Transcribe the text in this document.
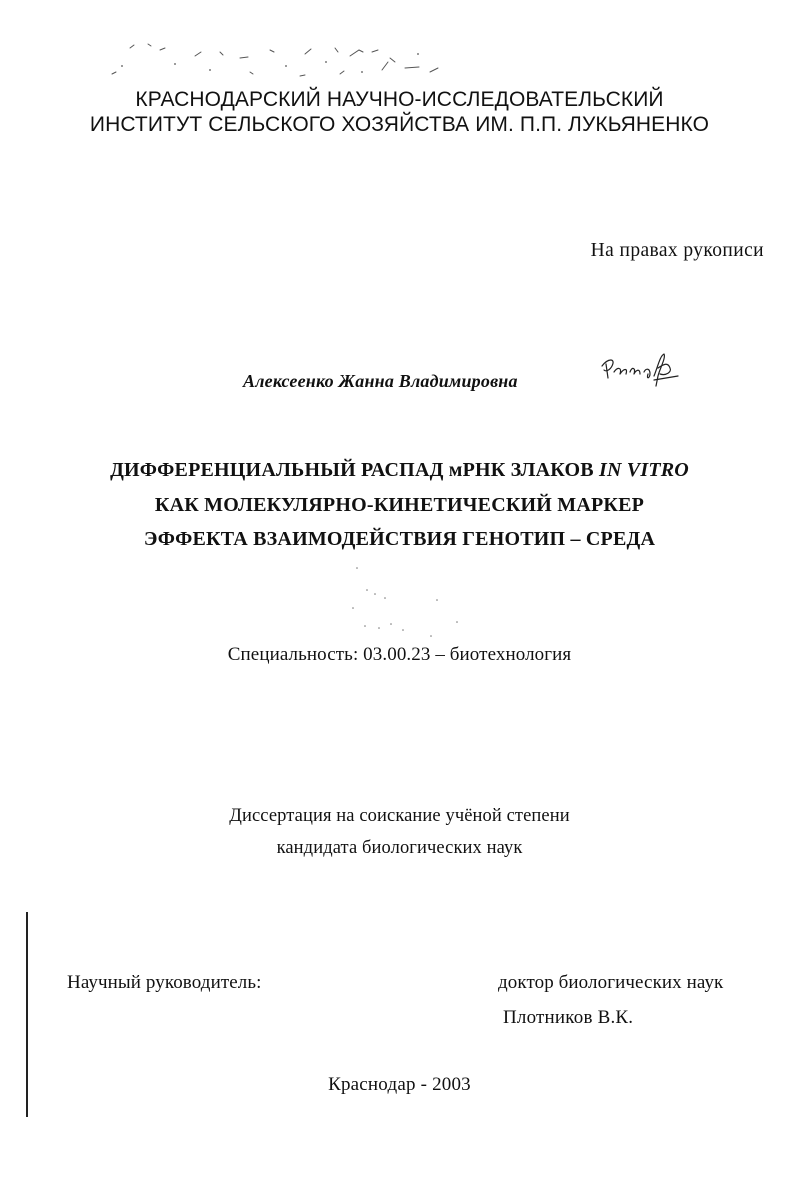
КРАСНОДАРСКИЙ НАУЧНО-ИССЛЕДОВАТЕЛЬСКИЙ
ИНСТИТУТ СЕЛЬСКОГО ХОЗЯЙСТВА ИМ. П.П. ЛУКЬЯНЕНКО
На правах рукописи
Алексеенко Жанна Владимировна
ДИФФЕРЕНЦИАЛЬНЫЙ РАСПАД мРНК ЗЛАКОВ IN VITRO
КАК МОЛЕКУЛЯРНО-КИНЕТИЧЕСКИЙ МАРКЕР
ЭФФЕКТА ВЗАИМОДЕЙСТВИЯ ГЕНОТИП – СРЕДА
Специальность: 03.00.23 – биотехнология
Диссертация на соискание учёной степени
кандидата биологических наук
Научный руководитель:	доктор биологических наук
Плотников В.К.
Краснодар - 2003
